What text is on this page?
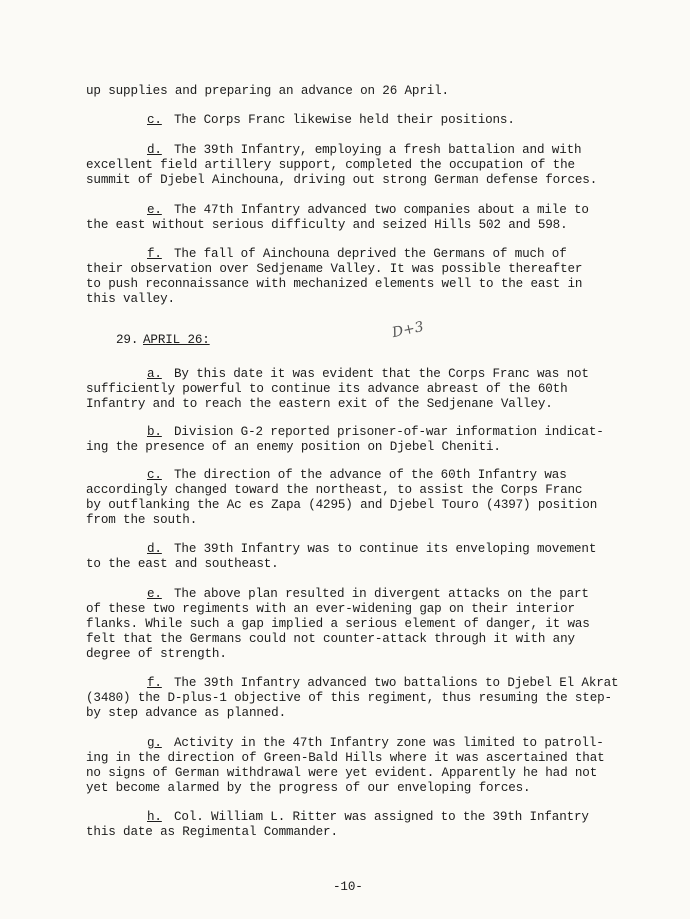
up supplies and preparing an advance on 26 April.
c. The Corps Franc likewise held their positions.
d. The 39th Infantry, employing a fresh battalion and with
excellent field artillery support, completed the occupation of the
summit of Djebel Ainchouna, driving out strong German defense forces.
e. The 47th Infantry advanced two companies about a mile to
the east without serious difficulty and seized Hills 502 and 598.
f. The fall of Ainchouna deprived the Germans of much of
their observation over Sedjename Valley. It was possible thereafter
to push reconnaissance with mechanized elements well to the east in
this valley.
29. APRIL 26:	D+3
a. By this date it was evident that the Corps Franc was not
sufficiently powerful to continue its advance abreast of the 60th
Infantry and to reach the eastern exit of the Sedjenane Valley.
b. Division G-2 reported prisoner-of-war information indicat-
ing the presence of an enemy position on Djebel Cheniti.
c. The direction of the advance of the 60th Infantry was
accordingly changed toward the northeast, to assist the Corps Franc
by outflanking the Ac es Zapa (4295) and Djebel Touro (4397) position
from the south.
d. The 39th Infantry was to continue its enveloping movement
to the east and southeast.
e. The above plan resulted in divergent attacks on the part
of these two regiments with an ever-widening gap on their interior
flanks. While such a gap implied a serious element of danger, it was
felt that the Germans could not counter-attack through it with any
degree of strength.
f. The 39th Infantry advanced two battalions to Djebel El Akrat
(3480) the D-plus-1 objective of this regiment, thus resuming the step-
by step advance as planned.
g. Activity in the 47th Infantry zone was limited to patroll-
ing in the direction of Green-Bald Hills where it was ascertained that
no signs of German withdrawal were yet evident. Apparently he had not
yet become alarmed by the progress of our enveloping forces.
h. Col. William L. Ritter was assigned to the 39th Infantry
this date as Regimental Commander.
-10-
